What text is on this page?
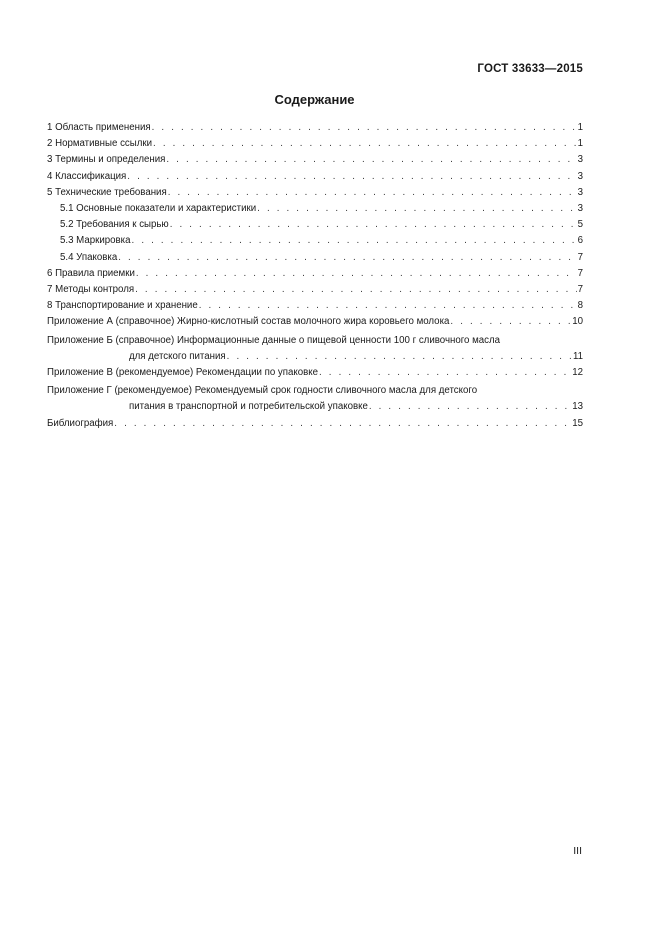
ГОСТ 33633—2015
Содержание
1 Область применения . . .	1
2 Нормативные ссылки . . .	1
3 Термины и определения . . .	3
4 Классификация . . .	3
5 Технические требования . . .	3
5.1 Основные показатели и характеристики . . .	3
5.2 Требования к сырью . . .	5
5.3 Маркировка . . .	6
5.4 Упаковка . . .	7
6 Правила приемки . . .	7
7 Методы контроля . . .	7
8 Транспортирование и хранение . . .	8
Приложение А (справочное) Жирно-кислотный состав молочного жира коровьего молока . . .	10
Приложение Б (справочное) Информационные данные о пищевой ценности 100 г сливочного масла
для детского питания . . .	11
Приложение В (рекомендуемое) Рекомендации по упаковке . . .	12
Приложение Г (рекомендуемое) Рекомендуемый срок годности сливочного масла для детского
питания в транспортной и потребительской упаковке . . .	13
Библиография . . .	15
III
